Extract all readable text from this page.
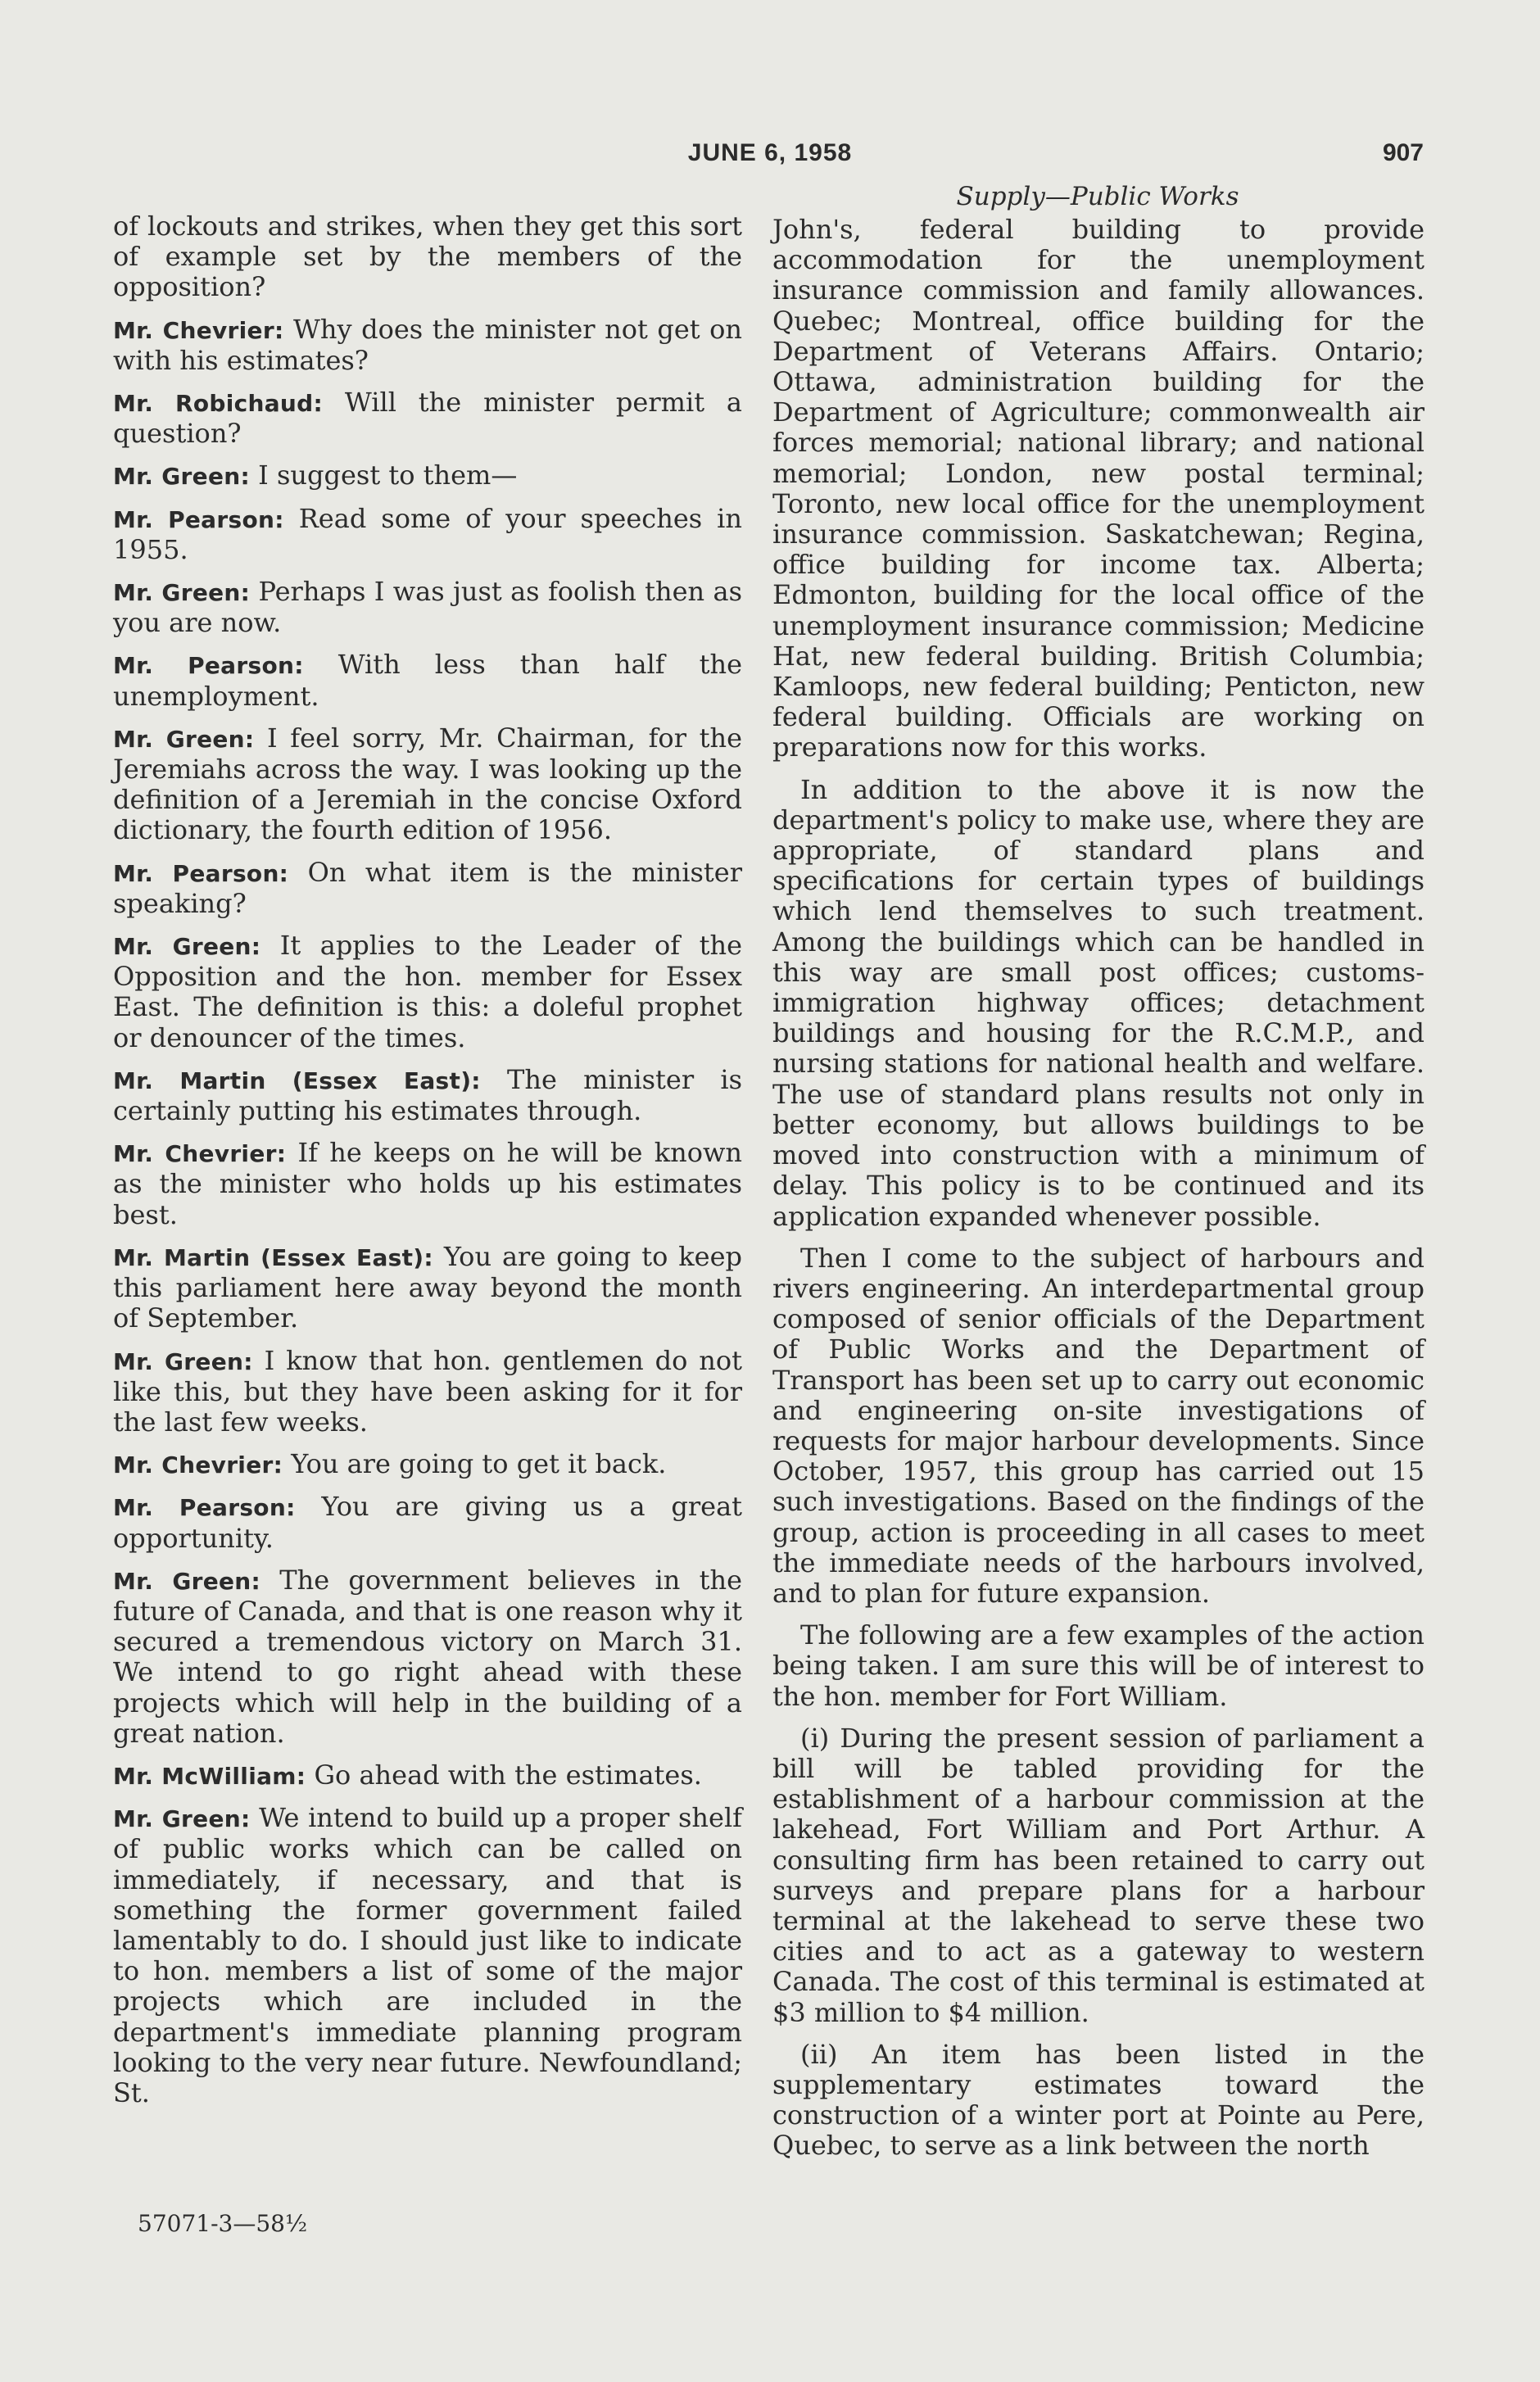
JUNE 6, 1958	907
Supply—Public Works

of lockouts and strikes, when they get this sort of example set by the members of the opposition?

Mr. Chevrier: Why does the minister not get on with his estimates?

Mr. Robichaud: Will the minister permit a question?

Mr. Green: I suggest to them—

Mr. Pearson: Read some of your speeches in 1955.

Mr. Green: Perhaps I was just as foolish then as you are now.

Mr. Pearson: With less than half the unemployment.

Mr. Green: I feel sorry, Mr. Chairman, for the Jeremiahs across the way. I was looking up the definition of a Jeremiah in the concise Oxford dictionary, the fourth edition of 1956.

Mr. Pearson: On what item is the minister speaking?

Mr. Green: It applies to the Leader of the Opposition and the hon. member for Essex East. The definition is this: a doleful prophet or denouncer of the times.

Mr. Martin (Essex East): The minister is certainly putting his estimates through.

Mr. Chevrier: If he keeps on he will be known as the minister who holds up his estimates best.

Mr. Martin (Essex East): You are going to keep this parliament here away beyond the month of September.

Mr. Green: I know that hon. gentlemen do not like this, but they have been asking for it for the last few weeks.

Mr. Chevrier: You are going to get it back.

Mr. Pearson: You are giving us a great opportunity.

Mr. Green: The government believes in the future of Canada, and that is one reason why it secured a tremendous victory on March 31. We intend to go right ahead with these projects which will help in the building of a great nation.

Mr. McWilliam: Go ahead with the estimates.

Mr. Green: We intend to build up a proper shelf of public works which can be called on immediately, if necessary, and that is something the former government failed lamentably to do. I should just like to indicate to hon. members a list of some of the major projects which are included in the department's immediate planning program looking to the very near future. Newfoundland; St.

John's, federal building to provide accommodation for the unemployment insurance commission and family allowances. Quebec; Montreal, office building for the Department of Veterans Affairs. Ontario; Ottawa, administration building for the Department of Agriculture; commonwealth air forces memorial; national library; and national memorial; London, new postal terminal; Toronto, new local office for the unemployment insurance commission. Saskatchewan; Regina, office building for income tax. Alberta; Edmonton, building for the local office of the unemployment insurance commission; Medicine Hat, new federal building. British Columbia; Kamloops, new federal building; Penticton, new federal building. Officials are working on preparations now for this works.

In addition to the above it is now the department's policy to make use, where they are appropriate, of standard plans and specifications for certain types of buildings which lend themselves to such treatment. Among the buildings which can be handled in this way are small post offices; customs-immigration highway offices; detachment buildings and housing for the R.C.M.P., and nursing stations for national health and welfare. The use of standard plans results not only in better economy, but allows buildings to be moved into construction with a minimum of delay. This policy is to be continued and its application expanded whenever possible.

Then I come to the subject of harbours and rivers engineering. An interdepartmental group composed of senior officials of the Department of Public Works and the Department of Transport has been set up to carry out economic and engineering on-site investigations of requests for major harbour developments. Since October, 1957, this group has carried out 15 such investigations. Based on the findings of the group, action is proceeding in all cases to meet the immediate needs of the harbours involved, and to plan for future expansion.

The following are a few examples of the action being taken. I am sure this will be of interest to the hon. member for Fort William.

(i) During the present session of parliament a bill will be tabled providing for the establishment of a harbour commission at the lakehead, Fort William and Port Arthur. A consulting firm has been retained to carry out surveys and prepare plans for a harbour terminal at the lakehead to serve these two cities and to act as a gateway to western Canada. The cost of this terminal is estimated at $3 million to $4 million.

(ii) An item has been listed in the supplementary estimates toward the construction of a winter port at Pointe au Pere, Quebec, to serve as a link between the north

57071-3—58½
